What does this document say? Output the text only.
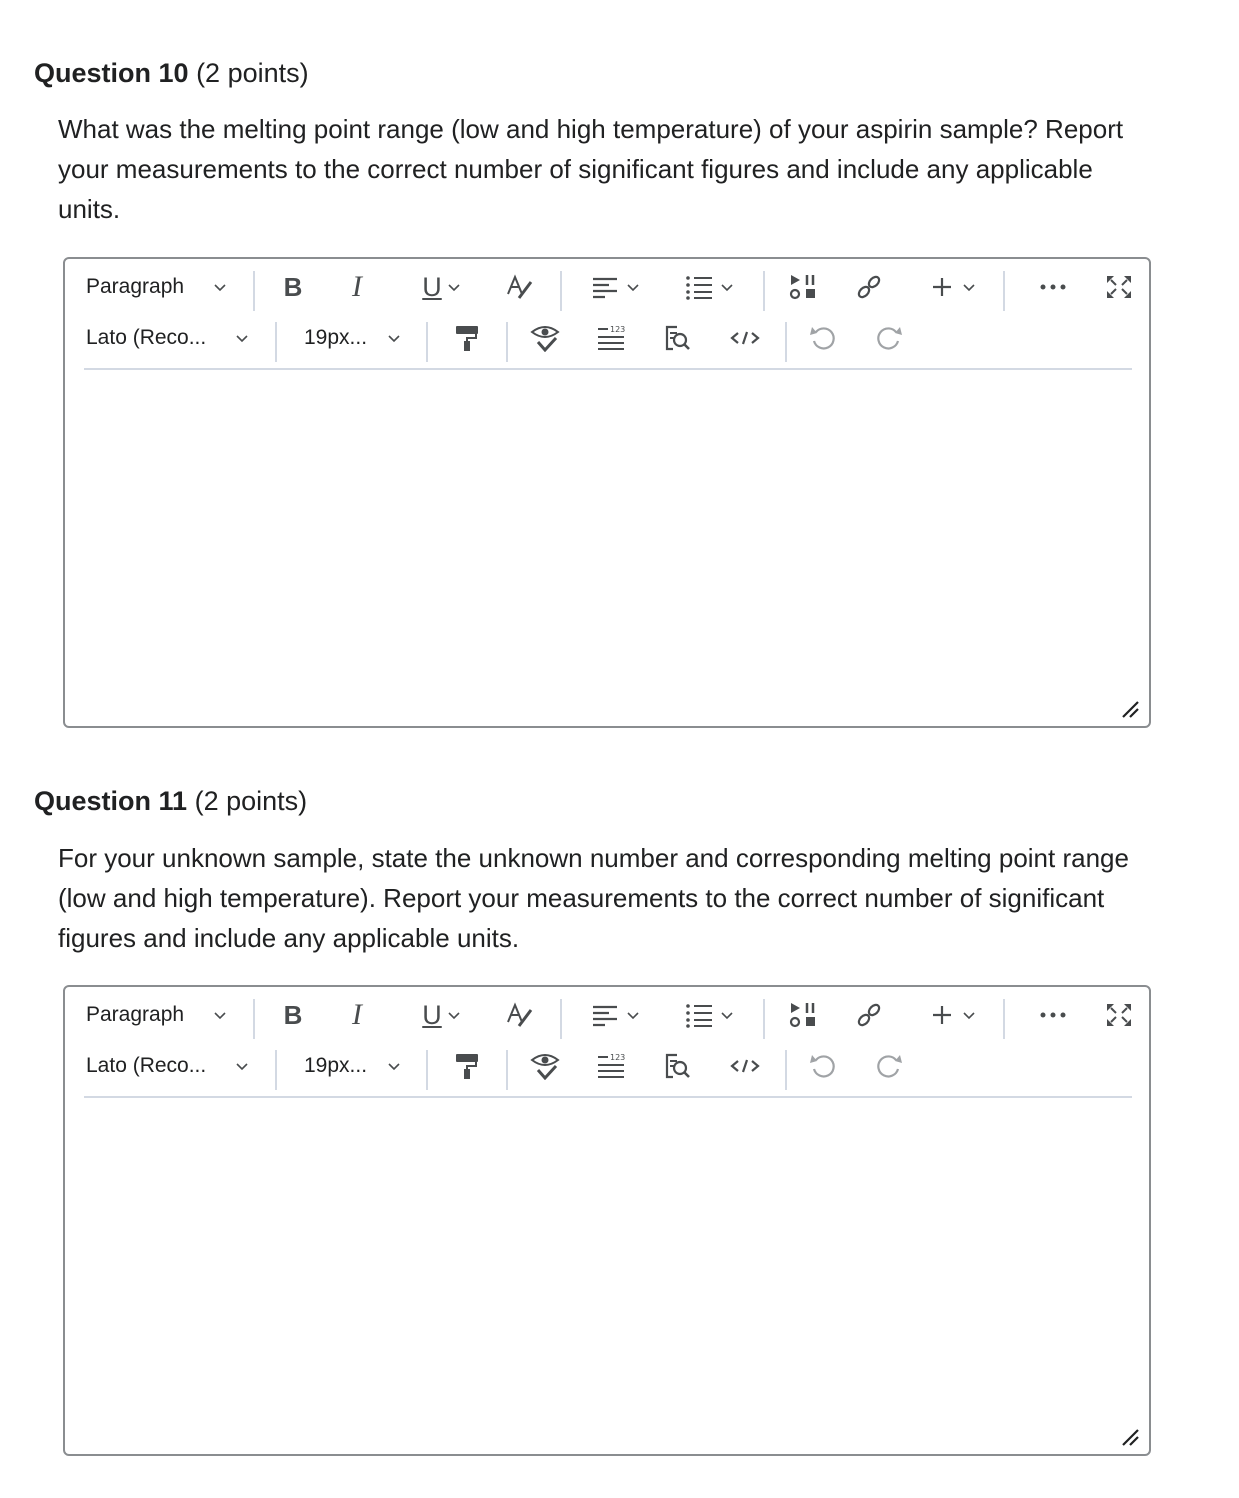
Question 10 (2 points)
What was the melting point range (low and high temperature) of your aspirin sample? Report your measurements to the correct number of significant figures and include any applicable units.
Paragraph	B I U
Lato (Reco...	19px...	123
Question 11 (2 points)
For your unknown sample, state the unknown number and corresponding melting point range (low and high temperature). Report your measurements to the correct number of significant figures and include any applicable units.
Paragraph	B I U
Lato (Reco...	19px...	123
